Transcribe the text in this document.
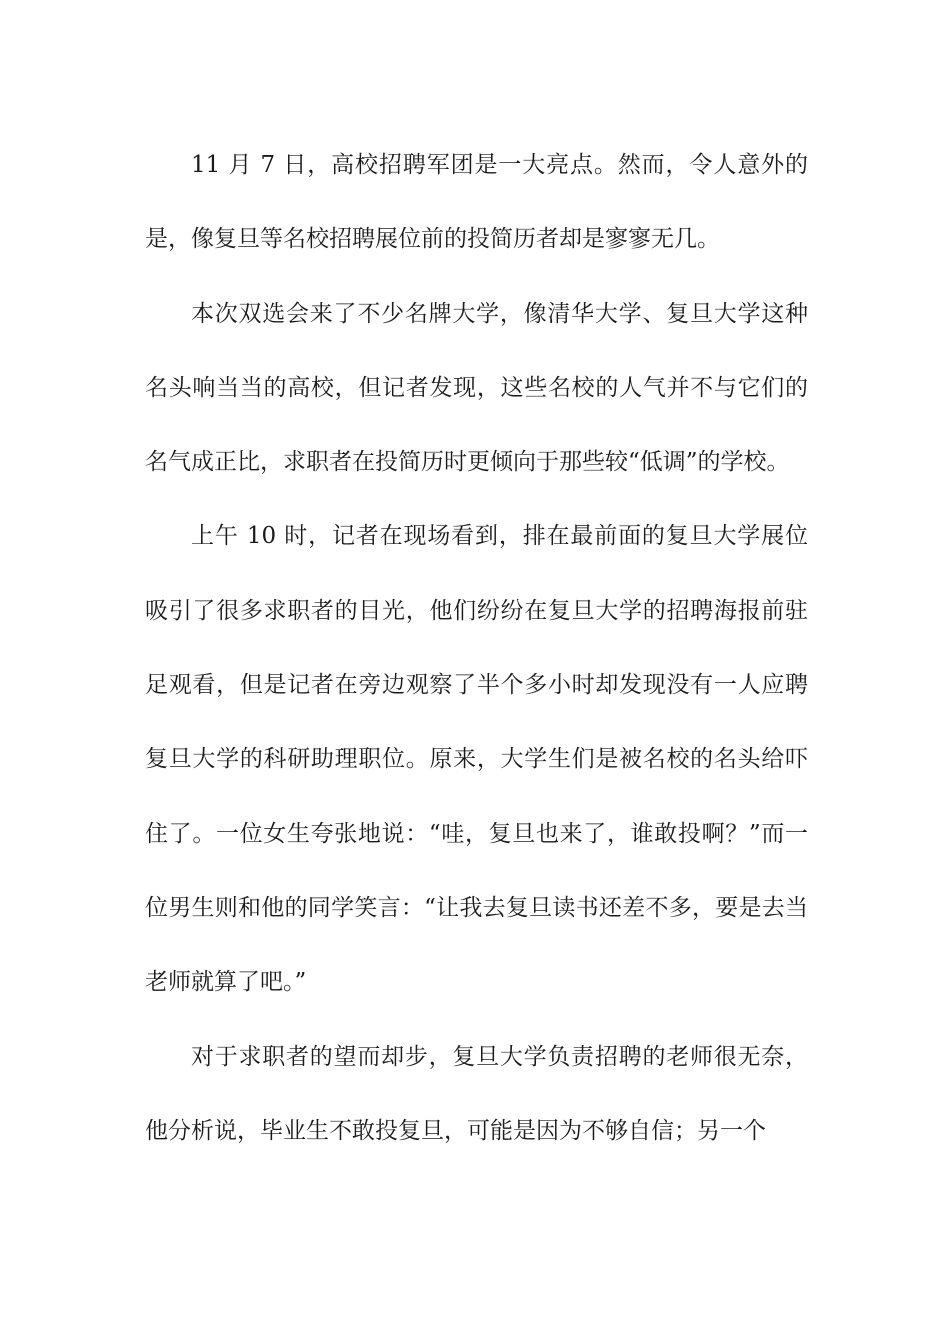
11 月 7 日，高校招聘军团是一大亮点。然而，令人意外的是，像复旦等名校招聘展位前的投简历者却是寥寥无几。

本次双选会来了不少名牌大学，像清华大学、复旦大学这种名头响当当的高校，但记者发现，这些名校的人气并不与它们的名气成正比，求职者在投简历时更倾向于那些较“低调”的学校。

上午 10 时，记者在现场看到，排在最前面的复旦大学展位吸引了很多求职者的目光，他们纷纷在复旦大学的招聘海报前驻足观看，但是记者在旁边观察了半个多小时却发现没有一人应聘复旦大学的科研助理职位。原来，大学生们是被名校的名头给吓住了。一位女生夸张地说：“哇，复旦也来了，谁敢投啊？”而一位男生则和他的同学笑言：“让我去复旦读书还差不多，要是去当老师就算了吧。”

对于求职者的望而却步，复旦大学负责招聘的老师很无奈，他分析说，毕业生不敢投复旦，可能是因为不够自信；另一个
